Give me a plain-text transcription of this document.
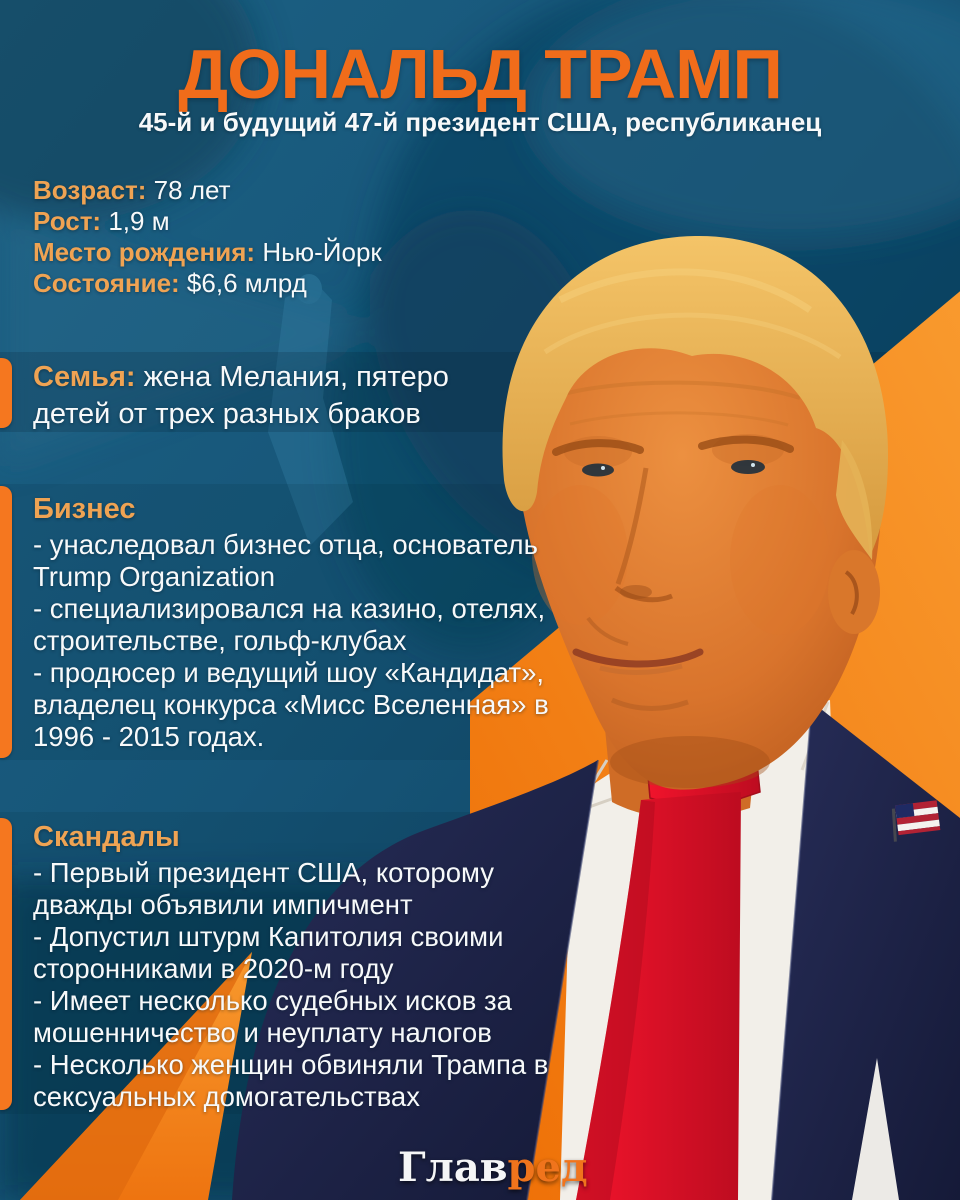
ДОНАЛЬД ТРАМП
45-й и будущий 47-й президент США, республиканец
Возраст: 78 лет
Рост: 1,9 м
Место рождения: Нью-Йорк
Состояние: $6,6 млрд
Семья: жена Мелания, пятеро детей от трех разных браков
Бизнес
- унаследовал бизнес отца, основатель Trump Organization
- специализировался на казино, отелях, строительстве, гольф-клубах
- продюсер и ведущий шоу «Кандидат», владелец конкурса «Мисс Вселенная» в 1996 - 2015 годах.
Скандалы
- Первый президент США, которому дважды объявили импичмент
- Допустил штурм Капитолия своими сторонниками в 2020-м году
- Имеет несколько судебных исков за мошенничество и неуплату налогов
- Несколько женщин обвиняли Трампа в сексуальных домогательствах
Главред
